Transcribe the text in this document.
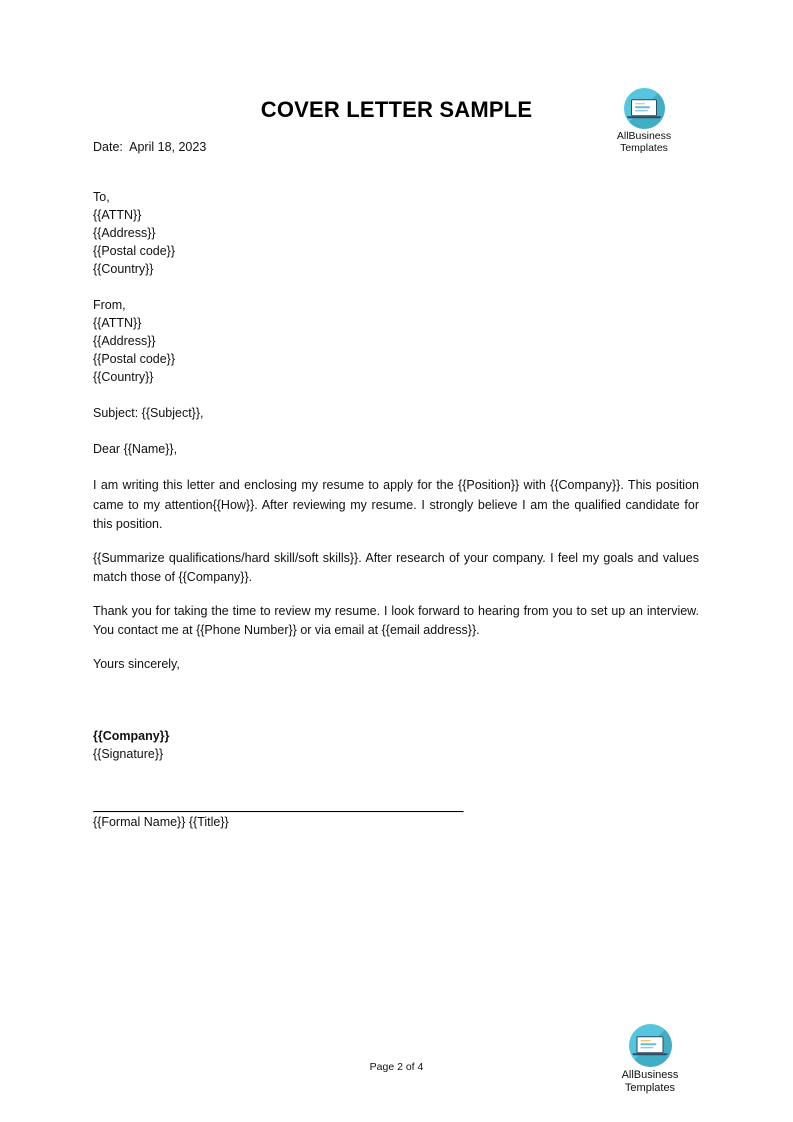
COVER LETTER SAMPLE
Date:  April 18, 2023
AllBusiness
Templates
To,
{{ATTN}}
{{Address}}
{{Postal code}}
{{Country}}
From,
{{ATTN}}
{{Address}}
{{Postal code}}
{{Country}}
Subject: {{Subject}},
Dear {{Name}},

I am writing this letter and enclosing my resume to apply for the {{Position}} with {{Company}}. This position came to my attention{{How}}. After reviewing my resume. I strongly believe I am the qualified candidate for this position.

{{Summarize qualifications/hard skill/soft skills}}. After research of your company. I feel my goals and values match those of {{Company}}.

Thank you for taking the time to review my resume. I look forward to hearing from you to set up an interview. You contact me at {{Phone Number}} or via email at {{email address}}.

Yours sincerely,
{{Company}}
{{Signature}}
{{Formal Name}} {{Title}}
Page 2 of 4
AllBusiness
Templates
